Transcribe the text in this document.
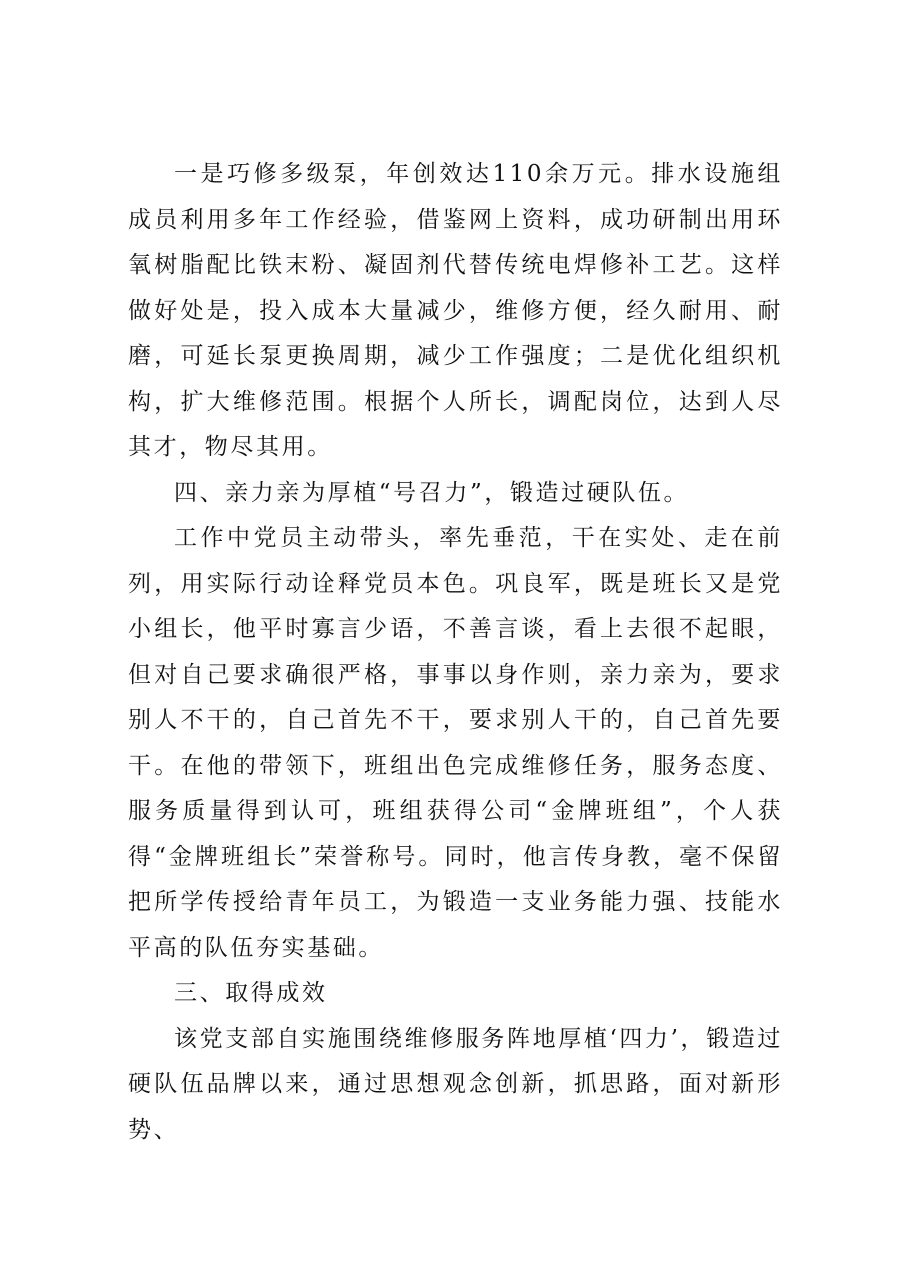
一是巧修多级泵，年创效达110余万元。排水设施组成员利用多年工作经验，借鉴网上资料，成功研制出用环氧树脂配比铁末粉、凝固剂代替传统电焊修补工艺。这样做好处是，投入成本大量减少，维修方便，经久耐用、耐磨，可延长泵更换周期，减少工作强度；二是优化组织机构，扩大维修范围。根据个人所长，调配岗位，达到人尽其才，物尽其用。

四、亲力亲为厚植“号召力”，锻造过硬队伍。

工作中党员主动带头，率先垂范，干在实处、走在前列，用实际行动诠释党员本色。巩良军，既是班长又是党小组长，他平时寡言少语，不善言谈，看上去很不起眼，但对自己要求确很严格，事事以身作则，亲力亲为，要求别人不干的，自己首先不干，要求别人干的，自己首先要干。在他的带领下，班组出色完成维修任务，服务态度、服务质量得到认可，班组获得公司“金牌班组”，个人获得“金牌班组长”荣誉称号。同时，他言传身教，毫不保留把所学传授给青年员工，为锻造一支业务能力强、技能水平高的队伍夯实基础。

三、取得成效

该党支部自实施围绕维修服务阵地厚植‘四力’，锻造过硬队伍品牌以来，通过思想观念创新，抓思路，面对新形势、
